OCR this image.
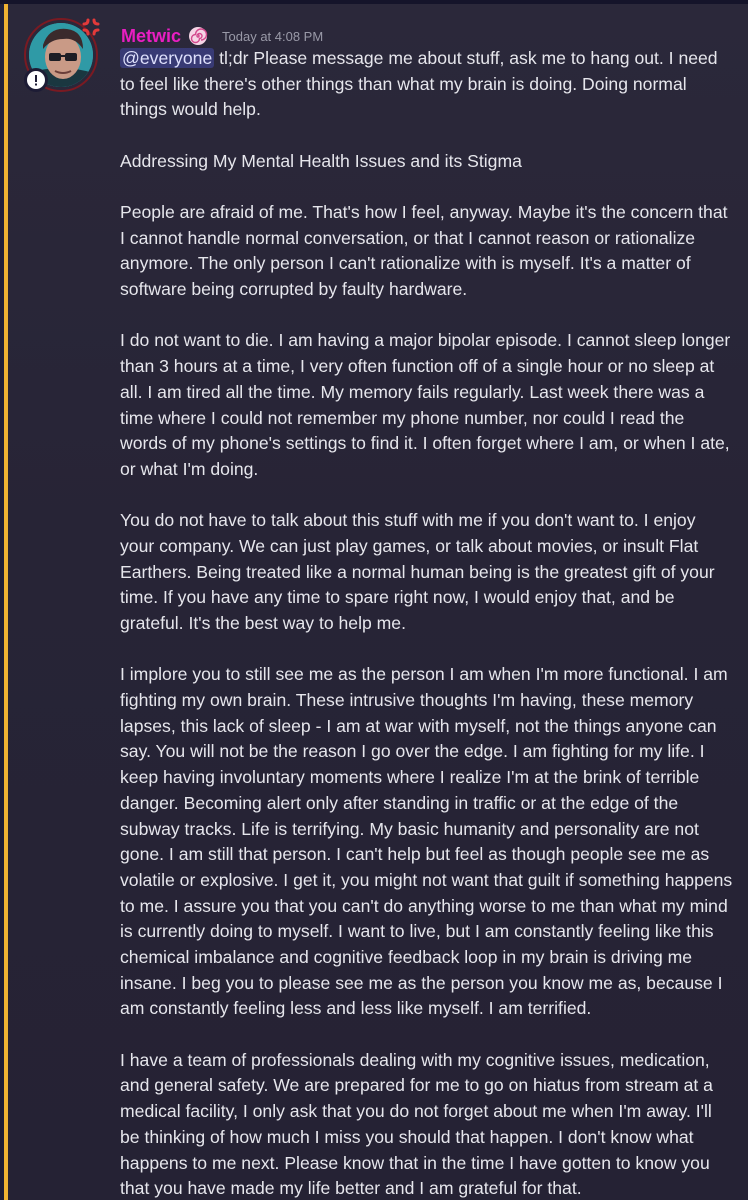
Metwic	Today at 4:08 PM

@everyone tl;dr Please message me about stuff, ask me to hang out. I need to feel like there's other things than what my brain is doing. Doing normal things would help.

Addressing My Mental Health Issues and its Stigma

People are afraid of me. That's how I feel, anyway. Maybe it's the concern that I cannot handle normal conversation, or that I cannot reason or rationalize anymore. The only person I can't rationalize with is myself. It's a matter of software being corrupted by faulty hardware.

I do not want to die. I am having a major bipolar episode. I cannot sleep longer than 3 hours at a time, I very often function off of a single hour or no sleep at all. I am tired all the time. My memory fails regularly. Last week there was a time where I could not remember my phone number, nor could I read the words of my phone's settings to find it. I often forget where I am, or when I ate, or what I'm doing.

You do not have to talk about this stuff with me if you don't want to. I enjoy your company. We can just play games, or talk about movies, or insult Flat Earthers. Being treated like a normal human being is the greatest gift of your time. If you have any time to spare right now, I would enjoy that, and be grateful. It's the best way to help me.

I implore you to still see me as the person I am when I'm more functional. I am fighting my own brain. These intrusive thoughts I'm having, these memory lapses, this lack of sleep - I am at war with myself, not the things anyone can say. You will not be the reason I go over the edge. I am fighting for my life. I keep having involuntary moments where I realize I'm at the brink of terrible danger. Becoming alert only after standing in traffic or at the edge of the subway tracks. Life is terrifying. My basic humanity and personality are not gone. I am still that person. I can't help but feel as though people see me as volatile or explosive. I get it, you might not want that guilt if something happens to me. I assure you that you can't do anything worse to me than what my mind is currently doing to myself. I want to live, but I am constantly feeling like this chemical imbalance and cognitive feedback loop in my brain is driving me insane. I beg you to please see me as the person you know me as, because I am constantly feeling less and less like myself. I am terrified.

I have a team of professionals dealing with my cognitive issues, medication, and general safety. We are prepared for me to go on hiatus from stream at a medical facility, I only ask that you do not forget about me when I'm away. I'll be thinking of how much I miss you should that happen. I don't know what happens to me next. Please know that in the time I have gotten to know you that you have made my life better and I am grateful for that.
